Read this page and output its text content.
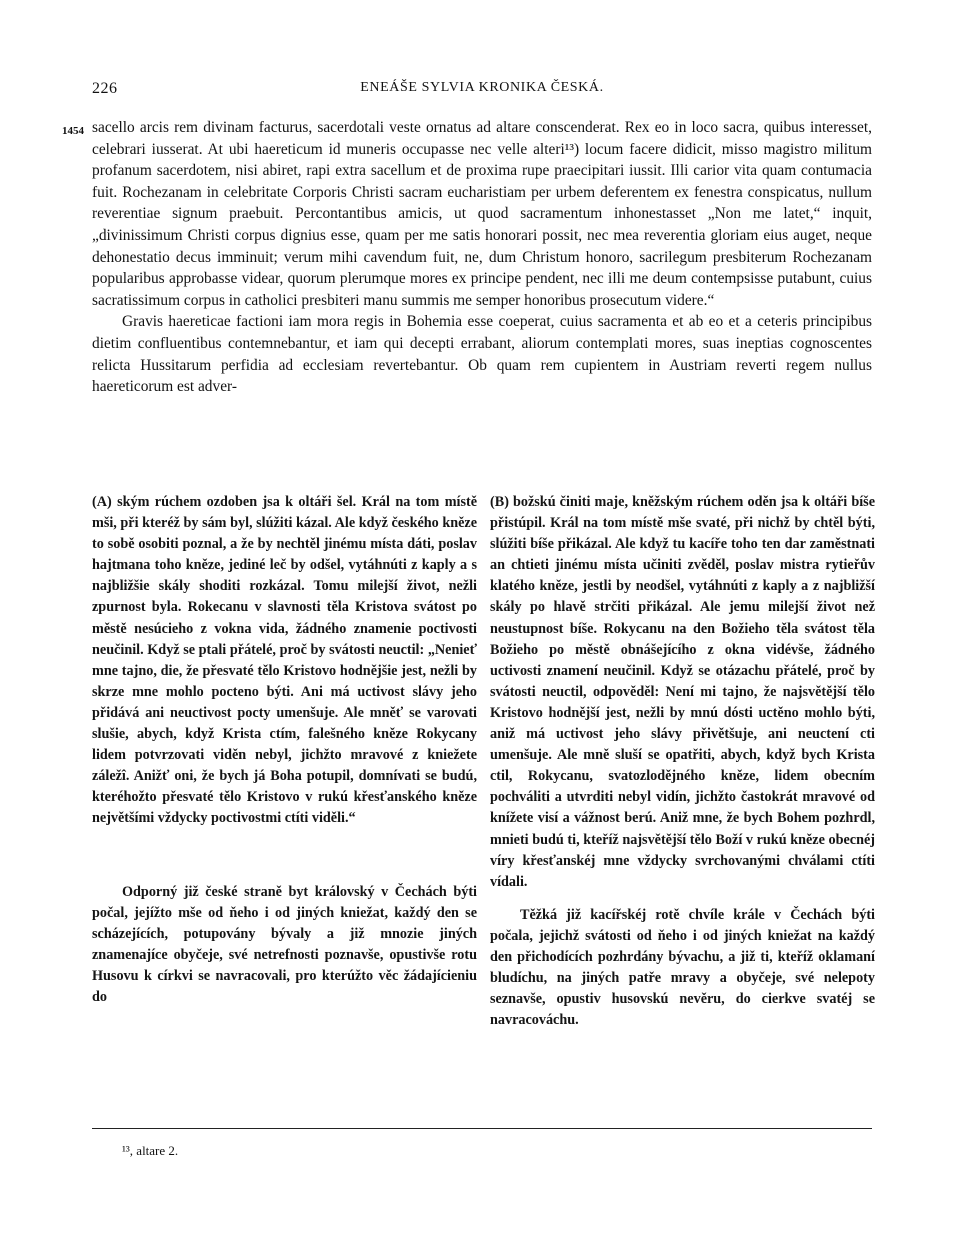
226	ENEÁŠE SYLVIA KRONIKA ČESKÁ.
1454 sacello arcis rem divinam facturus, sacerdotali veste ornatus ad altare conscenderat. Rex eo in loco sacra, quibus interesset, celebrari iusserat. At ubi haereticum id muneris occupasse nec velle alteri¹³) locum facere didicit, misso magistro militum profanum sacerdotem, nisi abiret, rapi extra sacellum et de proxima rupe praecipitari iussit. Illi carior vita quam contumacia fuit. Rochezanam in celebritate Corporis Christi sacram eucharistiam per urbem deferentem ex fenestra conspicatus, nullum reverentiae signum praebuit. Percontantibus amicis, ut quod sacramentum inhonestasset „Non me latet,“ inquit, „divinissimum Christi corpus dignius esse, quam per me satis honorari possit, nec mea reverentia gloriam eius auget, neque dehonestatio decus imminuit; verum mihi cavendum fuit, ne, dum Christum honoro, sacrilegum presbiterum Rochezanam popularibus approbasse videar, quorum plerumque mores ex principe pendent, nec illi me deum contempsisse putabunt, cuius sacratissimum corpus in catholici presbiteri manu summis me semper honoribus prosecutum videre.“

Gravis haereticae factioni iam mora regis in Bohemia esse coeperat, cuius sacramenta et ab eo et a ceteris principibus dietim confluentibus contemnebantur, et iam qui decepti errabant, aliorum contemplati mores, suas ineptias cognoscentes relicta Hussitarum perfidia ad ecclesiam revertebantur. Ob quam rem cupientem in Austriam reverti regem nullus haereticorum est adver-

(A) ským rúchem ozdoben jsa k oltáři šel. Král na tom místě mši, při kteréž by sám byl, slúžiti kázal. Ale když českého kněze to sobě osobiti poznal, a že by nechtěl jinému místa dáti, poslav hajtmana toho kněze, jediné leč by odšel, vytáhnúti z kaply a s najbližšie skály shoditi rozkázal. Tomu milejší život, nežli zpurnost byla. Rokecanu v slavnosti těla Kristova svátost po městě nesúcieho z vokna vida, žádného znamenie poctivosti neučinil. Když se ptali přátelé, proč by svátosti neuctil: „Nenieť mne tajno, die, že přesvaté tělo Kristovo hodnějšie jest, nežli by skrze mne mohlo pocteno býti. Ani má uctivost slávy jeho přidává ani neuctivost pocty umenšuje. Ale mněť se varovati slušie, abych, když Krista ctím, falešného kněze Rokycany lidem potvrzovati viděn nebyl, jichžto mravové z kniežete záležî. Anižť oni, že bych já Boha potupil, domnívati se budú, kteréhožto přesvaté tělo Kristovo v rukú křesťanského kněze největšími vždycky poctivostmi ctíti viděli.“

Odporný již české straně byt královský v Čechách býti počal, jejížto mše od ňeho i od jiných kniežat, každý den se scházejících, potupovány bývaly a již mnozie jiných znamenajíce obyčeje, své netrefnosti poznavše, opustivše rotu Husovu k církvi se navracovali, pro kterúžto věc žádajícieniu do

(B) božskú činiti maje, kněžským rúchem oděn jsa k oltáři bíše přistúpil. Král na tom místě mše svaté, při nichž by chtěl býti, slúžiti bíše přikázal. Ale když tu kacíře toho ten dar zaměstnati an chtieti jinému místa učiniti zvěděl, poslav mistra rytieřův klatého kněze, jestli by neodšel, vytáhnúti z kaply a z najbližší skály po hlavě strčiti přikázal. Ale jemu milejší život než neustupnost bíše. Rokycanu na den Božieho těla svátost těla Božieho po městě obnášejícího z okna vidévše, žádného uctivosti znamení neučinil. Když se otázachu přátelé, proč by svátosti neuctil, odpověděl: Není mi tajno, že najsvětější tělo Kristovo hodnější jest, nežli by mnú dósti uctěno mohlo býti, aniž má uctivost jeho slávy přivětšuje, ani neuctení cti umenšuje. Ale mně sluší se opatřiti, abych, když bych Krista ctil, Rokycanu, svatozlodějného kněze, lidem obecním pochváliti a utvrditi nebyl vidín, jichžto častokrát mravové od knížete visí a vážnost berú. Aniž mne, že bych Bohem pozhrdl, mnieti budú ti, kteříž najsvětější tělo Boží v rukú kněze obecnéj víry křesťanskéj mne vždycky svrchovanými chválami ctíti vídali.

Těžká již kacířskéj rotě chvíle krále v Čechách býti počala, jejichž svátosti od ňeho i od jiných kniežat na každý den přichodících pozhrdány bývachu, a již ti, kteříž oklamaní bludíchu, na jiných patře mravy a obyčeje, své nelepoty seznavše, opustiv husovskú nevěru, do cierkve svatéj se navracováchu.

¹³, altare 2.
